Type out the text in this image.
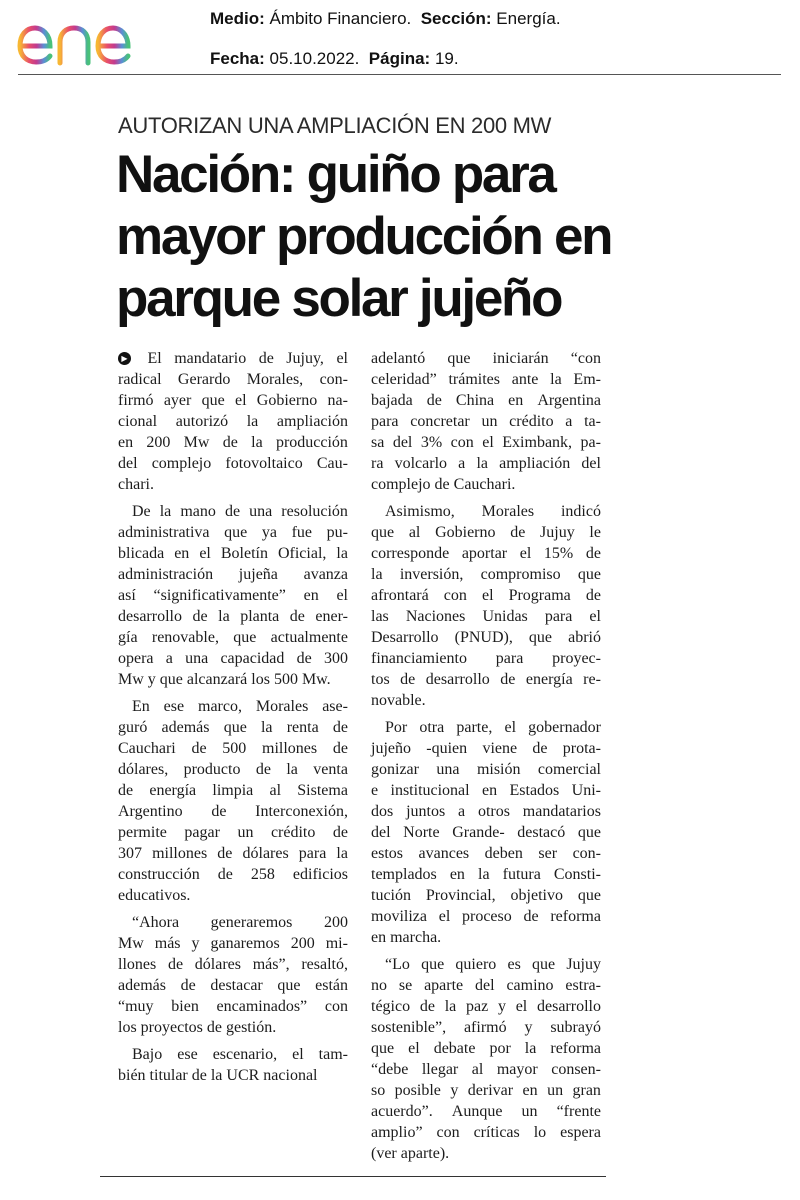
Medio: Ámbito Financiero. Sección: Energía.
Fecha: 05.10.2022. Página: 19.
AUTORIZAN UNA AMPLIACIÓN EN 200 MW
Nación: guiño para
mayor producción en
parque solar jujeño
▶ El mandatario de Jujuy, el
radical Gerardo Morales, con-
firmó ayer que el Gobierno na-
cional autorizó la ampliación
en 200 Mw de la producción
del complejo fotovoltaico Cau-
chari.
De la mano de una resolución
administrativa que ya fue pu-
blicada en el Boletín Oficial, la
administración jujeña avanza
así “significativamente” en el
desarrollo de la planta de ener-
gía renovable, que actualmente
opera a una capacidad de 300
Mw y que alcanzará los 500 Mw.
En ese marco, Morales ase-
guró además que la renta de
Cauchari de 500 millones de
dólares, producto de la venta
de energía limpia al Sistema
Argentino de Interconexión,
permite pagar un crédito de
307 millones de dólares para la
construcción de 258 edificios
educativos.
“Ahora generaremos 200
Mw más y ganaremos 200 mi-
llones de dólares más”, resaltó,
además de destacar que están
“muy bien encaminados” con
los proyectos de gestión.
Bajo ese escenario, el tam-
bién titular de la UCR nacional
adelantó que iniciarán “con
celeridad” trámites ante la Em-
bajada de China en Argentina
para concretar un crédito a ta-
sa del 3% con el Eximbank, pa-
ra volcarlo a la ampliación del
complejo de Cauchari.
Asimismo, Morales indicó
que al Gobierno de Jujuy le
corresponde aportar el 15% de
la inversión, compromiso que
afrontará con el Programa de
las Naciones Unidas para el
Desarrollo (PNUD), que abrió
financiamiento para proyec-
tos de desarrollo de energía re-
novable.
Por otra parte, el gobernador
jujeño -quien viene de prota-
gonizar una misión comercial
e institucional en Estados Uni-
dos juntos a otros mandatarios
del Norte Grande- destacó que
estos avances deben ser con-
templados en la futura Consti-
tución Provincial, objetivo que
moviliza el proceso de reforma
en marcha.
“Lo que quiero es que Jujuy
no se aparte del camino estra-
tégico de la paz y el desarrollo
sostenible”, afirmó y subrayó
que el debate por la reforma
“debe llegar al mayor consen-
so posible y derivar en un gran
acuerdo”. Aunque un “frente
amplio” con críticas lo espera
(ver aparte).
